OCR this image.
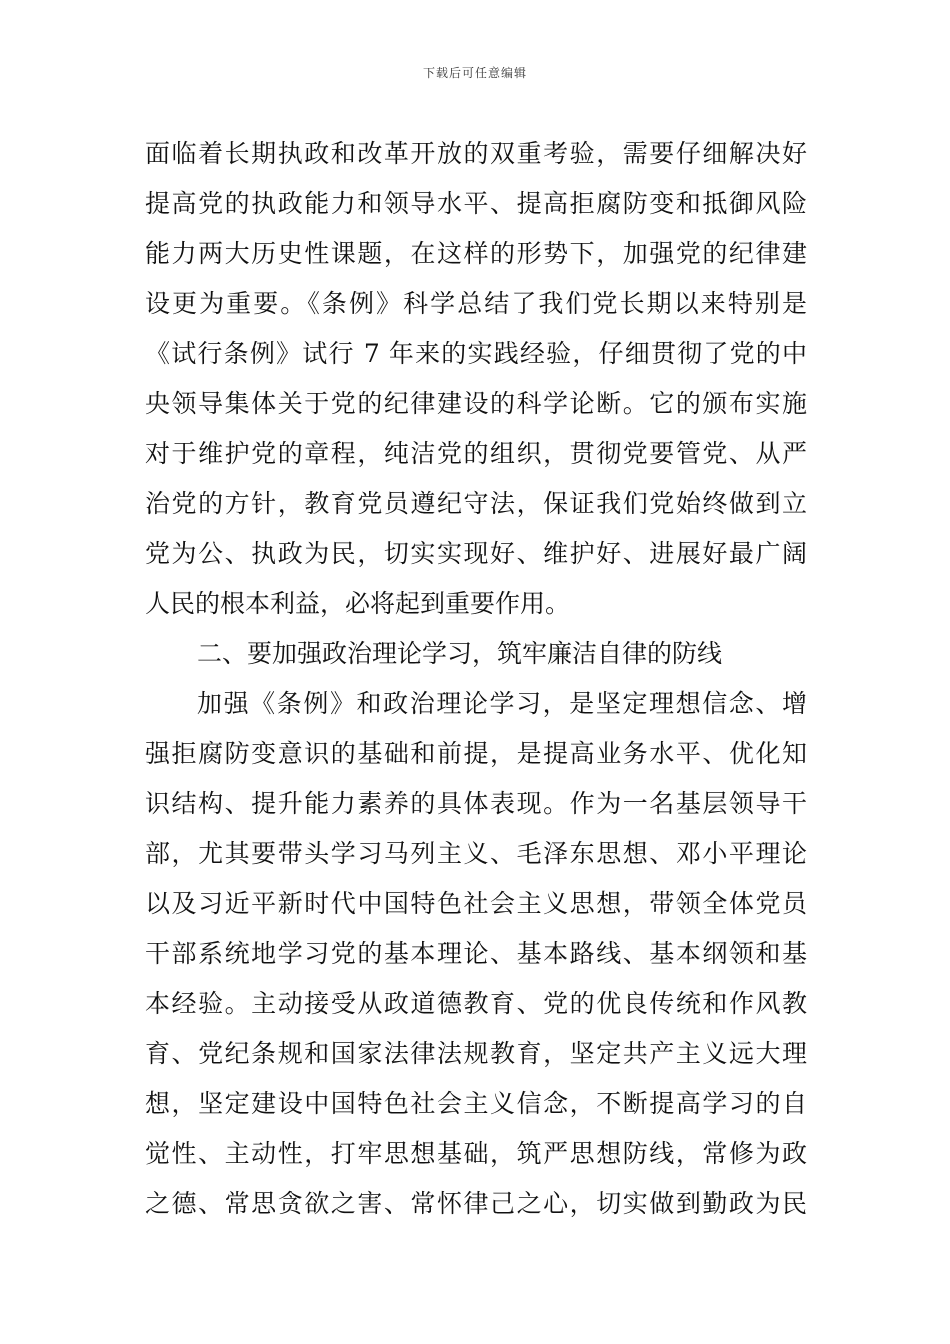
下载后可任意编辑
面临着长期执政和改革开放的双重考验，需要仔细解决好
提高党的执政能力和领导水平、提高拒腐防变和抵御风险
能力两大历史性课题，在这样的形势下，加强党的纪律建
设更为重要。《条例》科学总结了我们党长期以来特别是
《试行条例》试行 7 年来的实践经验，仔细贯彻了党的中
央领导集体关于党的纪律建设的科学论断。它的颁布实施
对于维护党的章程，纯洁党的组织，贯彻党要管党、从严
治党的方针，教育党员遵纪守法，保证我们党始终做到立
党为公、执政为民，切实实现好、维护好、进展好最广阔
人民的根本利益，必将起到重要作用。
二、要加强政治理论学习，筑牢廉洁自律的防线
加强《条例》和政治理论学习，是坚定理想信念、增
强拒腐防变意识的基础和前提，是提高业务水平、优化知
识结构、提升能力素养的具体表现。作为一名基层领导干
部，尤其要带头学习马列主义、毛泽东思想、邓小平理论
以及习近平新时代中国特色社会主义思想，带领全体党员
干部系统地学习党的基本理论、基本路线、基本纲领和基
本经验。主动接受从政道德教育、党的优良传统和作风教
育、党纪条规和国家法律法规教育，坚定共产主义远大理
想，坚定建设中国特色社会主义信念，不断提高学习的自
觉性、主动性，打牢思想基础，筑严思想防线，常修为政
之德、常思贪欲之害、常怀律己之心，切实做到勤政为民
